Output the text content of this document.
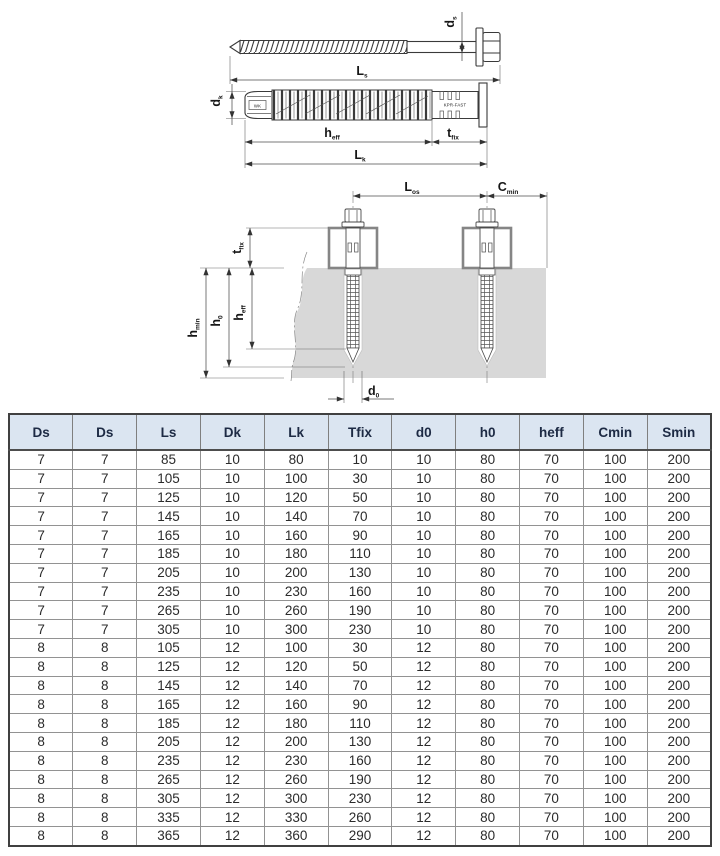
$d_s$
$L_s$
WK	KPR-FAST
$d_k$
$h_{eff}$	$t_{fix}$
$L_k$
$L_{os}$	$C_{min}$
$t_{fix}$
$h_{min}$ $h_0$ $h_{eff}$
$d_0$
Ds	Ds	Ls	Dk	Lk	Tfix	d0	h0	heff	Cmin	Smin
7	7	85	10	80	10	10	80	70	100	200
7	7	105	10	100	30	10	80	70	100	200
7	7	125	10	120	50	10	80	70	100	200
7	7	145	10	140	70	10	80	70	100	200
7	7	165	10	160	90	10	80	70	100	200
7	7	185	10	180	110	10	80	70	100	200
7	7	205	10	200	130	10	80	70	100	200
7	7	235	10	230	160	10	80	70	100	200
7	7	265	10	260	190	10	80	70	100	200
7	7	305	10	300	230	10	80	70	100	200
8	8	105	12	100	30	12	80	70	100	200
8	8	125	12	120	50	12	80	70	100	200
8	8	145	12	140	70	12	80	70	100	200
8	8	165	12	160	90	12	80	70	100	200
8	8	185	12	180	110	12	80	70	100	200
8	8	205	12	200	130	12	80	70	100	200
8	8	235	12	230	160	12	80	70	100	200
8	8	265	12	260	190	12	80	70	100	200
8	8	305	12	300	230	12	80	70	100	200
8	8	335	12	330	260	12	80	70	100	200
8	8	365	12	360	290	12	80	70	100	200
